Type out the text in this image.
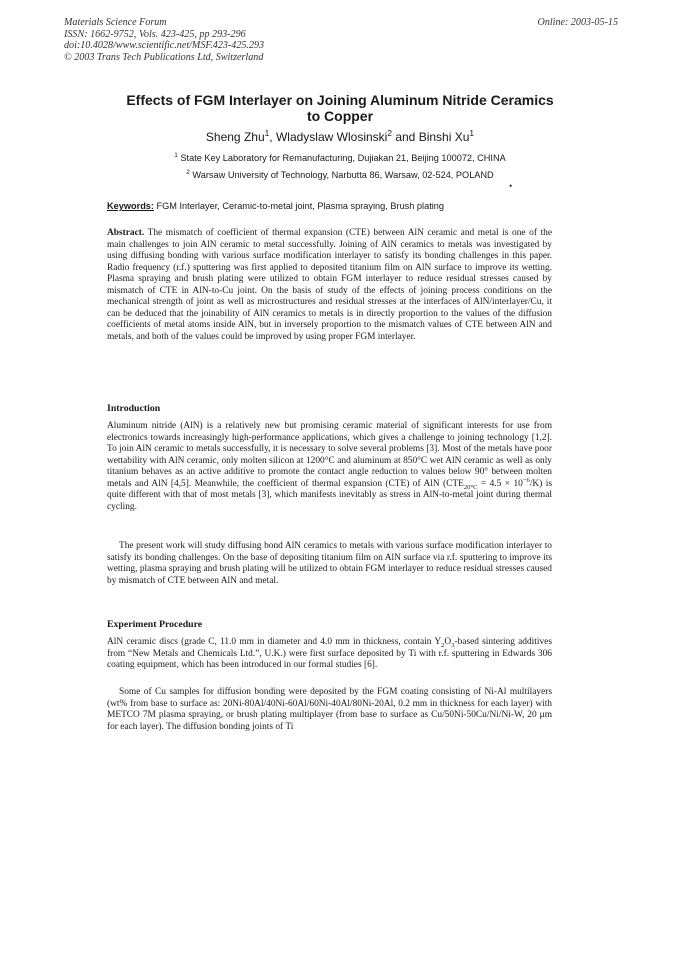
Materials Science Forum
ISSN: 1662-9752, Vols. 423-425, pp 293-296
doi:10.4028/www.scientific.net/MSF.423-425.293
© 2003 Trans Tech Publications Ltd, Switzerland
Online: 2003-05-15
Effects of FGM Interlayer on Joining Aluminum Nitride Ceramics
to Copper
Sheng Zhu$^1$, Wladyslaw Wlosinski$^2$ and Binshi Xu$^1$
$^1$ State Key Laboratory for Remanufacturing, Dujiakan 21, Beijing 100072, CHINA
$^2$ Warsaw University of Technology, Narbutta 86, Warsaw, 02-524, POLAND
•
Keywords: FGM Interlayer, Ceramic-to-metal joint, Plasma spraying, Brush plating
Abstract. The mismatch of coefficient of thermal expansion (CTE) between AlN ceramic and metal is one of the main challenges to join AlN ceramic to metal successfully. Joining of AlN ceramics to metals was investigated by using diffusing bonding with various surface modification interlayer to satisfy its bonding challenges in this paper. Radio frequency (r.f.) sputtering was first applied to deposited titanium film on AlN surface to improve its wetting. Plasma spraying and brush plating were utilized to obtain FGM interlayer to reduce residual stresses caused by mismatch of CTE in AlN-to-Cu joint. On the basis of study of the effects of joining process conditions on the mechanical strength of joint as well as microstructures and residual stresses at the interfaces of AlN/interlayer/Cu, it can be deduced that the joinability of AlN ceramics to metals is in directly proportion to the values of the diffusion coefficients of metal atoms inside AlN, but in inversely proportion to the mismatch values of CTE between AlN and metals, and both of the values could be improved by using proper FGM interlayer.
Introduction
Aluminum nitride (AlN) is a relatively new but promising ceramic material of significant interests for use from electronics towards increasingly high-performance applications, which gives a challenge to joining technology [1,2]. To join AlN ceramic to metals successfully, it is necessary to solve several problems [3]. Most of the metals have poor wettability with AlN ceramic, only molten silicon at 1200°C and aluminum at 850°C wet AlN ceramic as well as only titanium behaves as an active additive to promote the contact angle reduction to values below 90° between molten metals and AlN [4,5]. Meanwhile, the coefficient of thermal expansion (CTE) of AlN $(CTE_{20^\circ C} = 4.5 \times 10^{-6}/K)$ is quite different with that of most metals [3], which manifests inevitably as stress in AlN-to-metal joint during thermal cycling.
The present work will study diffusing bond AlN ceramics to metals with various surface modification interlayer to satisfy its bonding challenges. On the base of depositing titanium film on AlN surface via r.f. sputtering to improve its wetting, plasma spraying and brush plating will be utilized to obtain FGM interlayer to reduce residual stresses caused by mismatch of CTE between AlN and metal.
Experiment Procedure
AlN ceramic discs (grade C, 11.0 mm in diameter and 4.0 mm in thickness, contain $Y_2O_3$-based sintering additives from “New Metals and Chemicals Ltd.”, U.K.) were first surface deposited by Ti with r.f. sputtering in Edwards 306 coating equipment, which has been introduced in our formal studies [6].
Some of Cu samples for diffusion bonding were deposited by the FGM coating consisting of Ni-Al multilayers (wt% from base to surface as: 20Ni-80Al/40Ni-60Al/60Ni-40Al/80Ni-20Al, 0.2 mm in thickness for each layer) with METCO 7M plasma spraying, or brush plating multiplayer (from base to surface as Cu/50Ni-50Cu/Ni/Ni-W, 20 μm for each layer). The diffusion bonding joints of Ti
